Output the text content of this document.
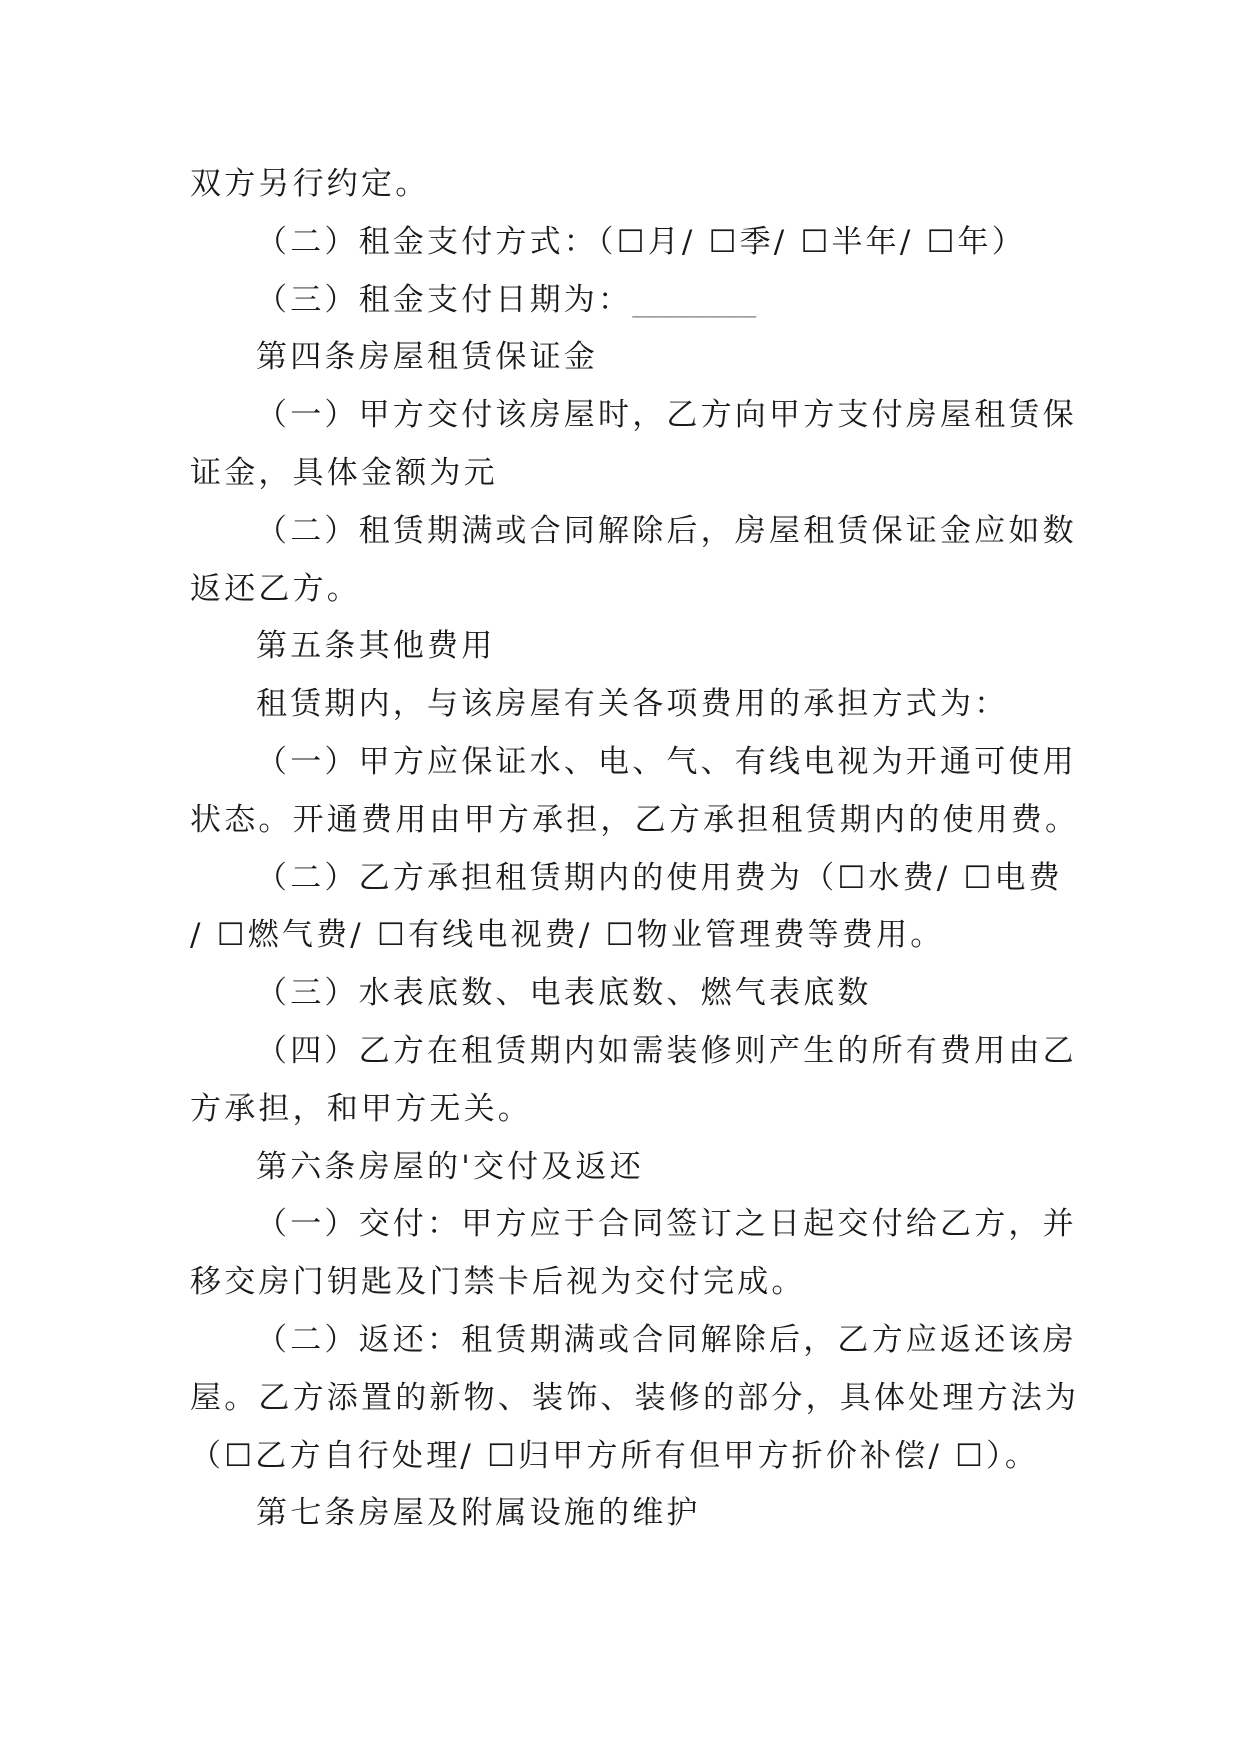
双方另行约定。

（二）租金支付方式：（☐月/ ☐季/ ☐半年/ ☐年）

（三）租金支付日期为：________

第四条房屋租赁保证金

（一）甲方交付该房屋时，乙方向甲方支付房屋租赁保

证金，具体金额为元

（二）租赁期满或合同解除后，房屋租赁保证金应如数

返还乙方。

第五条其他费用

租赁期内，与该房屋有关各项费用的承担方式为：

（一）甲方应保证水、电、气、有线电视为开通可使用

状态。开通费用由甲方承担，乙方承担租赁期内的使用费。

（二）乙方承担租赁期内的使用费为（☐水费/ ☐电费

/ ☐燃气费/ ☐有线电视费/ ☐物业管理费等费用。

（三）水表底数、电表底数、燃气表底数

（四）乙方在租赁期内如需装修则产生的所有费用由乙

方承担，和甲方无关。

第六条房屋的'交付及返还

（一）交付：甲方应于合同签订之日起交付给乙方，并

移交房门钥匙及门禁卡后视为交付完成。

（二）返还：租赁期满或合同解除后，乙方应返还该房

屋。乙方添置的新物、装饰、装修的部分，具体处理方法为

（☐乙方自行处理/ ☐归甲方所有但甲方折价补偿/ ☐）。

第七条房屋及附属设施的维护
